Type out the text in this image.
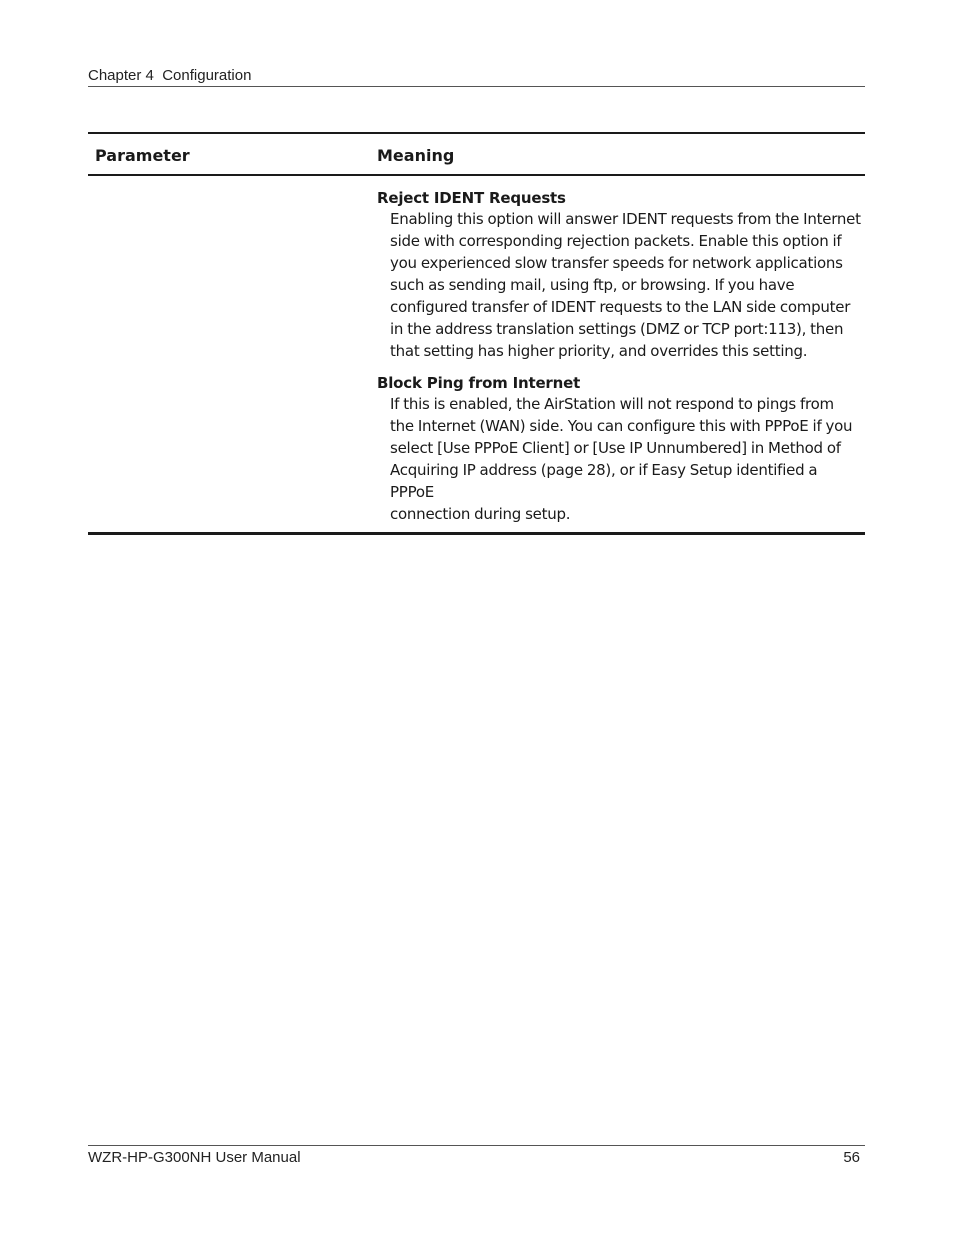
Chapter 4  Configuration
Parameter	Meaning
Reject IDENT Requests
Enabling this option will answer IDENT requests from the Internet
side with corresponding rejection packets. Enable this option if
you experienced slow transfer speeds for network applications
such as sending mail, using ftp, or browsing. If you have
configured transfer of IDENT requests to the LAN side computer
in the address translation settings (DMZ or TCP port:113), then
that setting has higher priority, and overrides this setting.
Block Ping from Internet
If this is enabled, the AirStation will not respond to pings from
the Internet (WAN) side. You can configure this with PPPoE if you
select [Use PPPoE Client] or [Use IP Unnumbered] in Method of
Acquiring IP address (page 28), or if Easy Setup identified a PPPoE
connection during setup.
WZR-HP-G300NH User Manual	56
